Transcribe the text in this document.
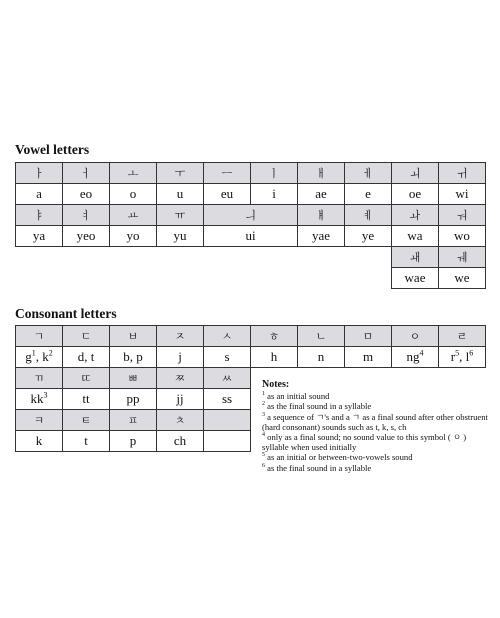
Vowel letters
ㅏ	ㅓ	ㅗ	ㅜ	ㅡ	ㅣ	ㅐ	ㅔ	ㅚ	ㅟ
a	eo	o	u	eu	i	ae	e	oe	wi
ㅑ	ㅕ	ㅛ	ㅠ	ㅢ		ㅒ	ㅖ	ㅘ	ㅝ
ya	yeo	yo	yu	ui		yae	ye	wa	wo
								ㅙ	ㅞ
								wae	we
Consonant letters
ㄱ	ㄷ	ㅂ	ㅈ	ㅅ	ㅎ	ㄴ	ㅁ	ㅇ	ㄹ
$g^1$, $k^2$	d, t	b, p	j	s	h	n	m	$ng^4$	$r^5$, $l^6$
ㄲ	ㄸ	ㅃ	ㅉ	ㅆ					
$kk^3$	tt	pp	jj	ss					
ㅋ	ㅌ	ㅍ	ㅊ						
k	t	p	ch						
Notes:
$^1$ as an initial sound
$^2$ as the final sound in a syllable
$^3$ a sequence of ㄱ's and a ㄱ as a final sound after other obstruent (hard consonant) sounds such as t, k, s, ch
$^4$ only as a final sound; no sound value to this symbol ( ㅇ ) syllable when used initially
$^5$ as an initial or between-two-vowels sound
$^6$ as the final sound in a syllable
